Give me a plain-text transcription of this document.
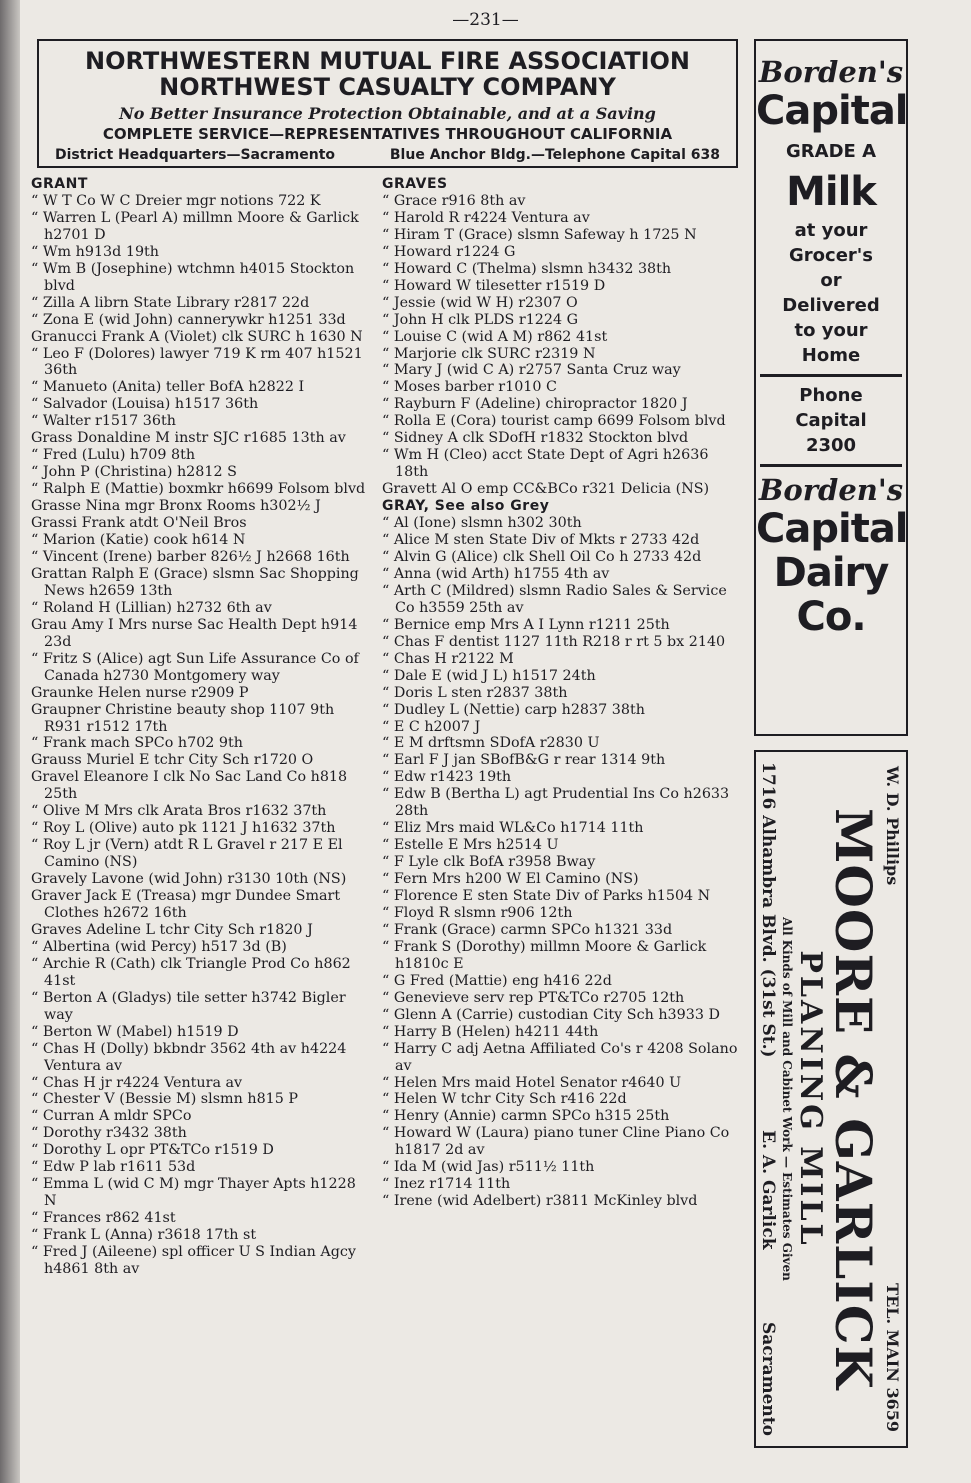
—231—
NORTHWESTERN MUTUAL FIRE ASSOCIATION
NORTHWEST CASUALTY COMPANY
No Better Insurance Protection Obtainable, and at a Saving
COMPLETE SERVICE—REPRESENTATIVES THROUGHOUT CALIFORNIA
District Headquarters—Sacramento	Blue Anchor Bldg.—Telephone Capital 638
GRANT
“ W T Co W C Dreier mgr notions 722 K
“ Warren L (Pearl A) millmn Moore & Garlick h2701 D
“ Wm h913d 19th
“ Wm B (Josephine) wtchmn h4015 Stockton blvd
“ Zilla A librn State Library r2817 22d
“ Zona E (wid John) cannerywkr h1251 33d
Granucci Frank A (Violet) clk SURC h 1630 N
“ Leo F (Dolores) lawyer 719 K rm 407 h1521 36th
“ Manueto (Anita) teller BofA h2822 I
“ Salvador (Louisa) h1517 36th
“ Walter r1517 36th
Grass Donaldine M instr SJC r1685 13th av
“ Fred (Lulu) h709 8th
“ John P (Christina) h2812 S
“ Ralph E (Mattie) boxmkr h6699 Folsom blvd
Grasse Nina mgr Bronx Rooms h302½ J
Grassi Frank atdt O'Neil Bros
“ Marion (Katie) cook h614 N
“ Vincent (Irene) barber 826½ J h2668 16th
Grattan Ralph E (Grace) slsmn Sac Shopping News h2659 13th
“ Roland H (Lillian) h2732 6th av
Grau Amy I Mrs nurse Sac Health Dept h914 23d
“ Fritz S (Alice) agt Sun Life Assurance Co of Canada h2730 Montgomery way
Graunke Helen nurse r2909 P
Graupner Christine beauty shop 1107 9th R931 r1512 17th
“ Frank mach SPCo h702 9th
Grauss Muriel E tchr City Sch r1720 O
Gravel Eleanore I clk No Sac Land Co h818 25th
“ Olive M Mrs clk Arata Bros r1632 37th
“ Roy L (Olive) auto pk 1121 J h1632 37th
“ Roy L jr (Vern) atdt R L Gravel r 217 E El Camino (NS)
Gravely Lavone (wid John) r3130 10th (NS)
Graver Jack E (Treasa) mgr Dundee Smart Clothes h2672 16th
Graves Adeline L tchr City Sch r1820 J
“ Albertina (wid Percy) h517 3d (B)
“ Archie R (Cath) clk Triangle Prod Co h862 41st
“ Berton A (Gladys) tile setter h3742 Bigler way
“ Berton W (Mabel) h1519 D
“ Chas H (Dolly) bkbndr 3562 4th av h4224 Ventura av
“ Chas H jr r4224 Ventura av
“ Chester V (Bessie M) slsmn h815 P
“ Curran A mldr SPCo
“ Dorothy r3432 38th
“ Dorothy L opr PT&TCo r1519 D
“ Edw P lab r1611 53d
“ Emma L (wid C M) mgr Thayer Apts h1228 N
“ Frances r862 41st
“ Frank L (Anna) r3618 17th st
“ Fred J (Aileene) spl officer U S Indian Agcy h4861 8th av
GRAVES
“ Grace r916 8th av
“ Harold R r4224 Ventura av
“ Hiram T (Grace) slsmn Safeway h 1725 N
“ Howard r1224 G
“ Howard C (Thelma) slsmn h3432 38th
“ Howard W tilesetter r1519 D
“ Jessie (wid W H) r2307 O
“ John H clk PLDS r1224 G
“ Louise C (wid A M) r862 41st
“ Marjorie clk SURC r2319 N
“ Mary J (wid C A) r2757 Santa Cruz way
“ Moses barber r1010 C
“ Rayburn F (Adeline) chiropractor 1820 J
“ Rolla E (Cora) tourist camp 6699 Folsom blvd
“ Sidney A clk SDofH r1832 Stockton blvd
“ Wm H (Cleo) acct State Dept of Agri h2636 18th
Gravett Al O emp CC&BCo r321 Delicia (NS)
GRAY, See also Grey
“ Al (Ione) slsmn h302 30th
“ Alice M sten State Div of Mkts r 2733 42d
“ Alvin G (Alice) clk Shell Oil Co h 2733 42d
“ Anna (wid Arth) h1755 4th av
“ Arth C (Mildred) slsmn Radio Sales & Service Co h3559 25th av
“ Bernice emp Mrs A I Lynn r1211 25th
“ Chas F dentist 1127 11th R218 r rt 5 bx 2140
“ Chas H r2122 M
“ Dale E (wid J L) h1517 24th
“ Doris L sten r2837 38th
“ Dudley L (Nettie) carp h2837 38th
“ E C h2007 J
“ E M drftsmn SDofA r2830 U
“ Earl F J jan SBofB&G r rear 1314 9th
“ Edw r1423 19th
“ Edw B (Bertha L) agt Prudential Ins Co h2633 28th
“ Eliz Mrs maid WL&Co h1714 11th
“ Estelle E Mrs h2514 U
“ F Lyle clk BofA r3958 Bway
“ Fern Mrs h200 W El Camino (NS)
“ Florence E sten State Div of Parks h1504 N
“ Floyd R slsmn r906 12th
“ Frank (Grace) carmn SPCo h1321 33d
“ Frank S (Dorothy) millmn Moore & Garlick h1810c E
“ G Fred (Mattie) eng h416 22d
“ Genevieve serv rep PT&TCo r2705 12th
“ Glenn A (Carrie) custodian City Sch h3933 D
“ Harry B (Helen) h4211 44th
“ Harry C adj Aetna Affiliated Co's r 4208 Solano av
“ Helen Mrs maid Hotel Senator r4640 U
“ Helen W tchr City Sch r416 22d
“ Henry (Annie) carmn SPCo h315 25th
“ Howard W (Laura) piano tuner Cline Piano Co h1817 2d av
“ Ida M (wid Jas) r511½ 11th
“ Inez r1714 11th
“ Irene (wid Adelbert) r3811 McKinley blvd
Borden's
Capital
GRADE A
Milk
at your
Grocer's
or
Delivered
to your
Home
Phone
Capital
2300
Borden's
Capital
Dairy
Co.
W. D. Phillips
TEL. MAIN 3659
MOORE & GARLICK
PLANING MILL
All Kinds of Mill and Cabinet Work — Estimates Given
1716 Alhambra Blvd. (31st St.)
E. A. Garlick
Sacramento
